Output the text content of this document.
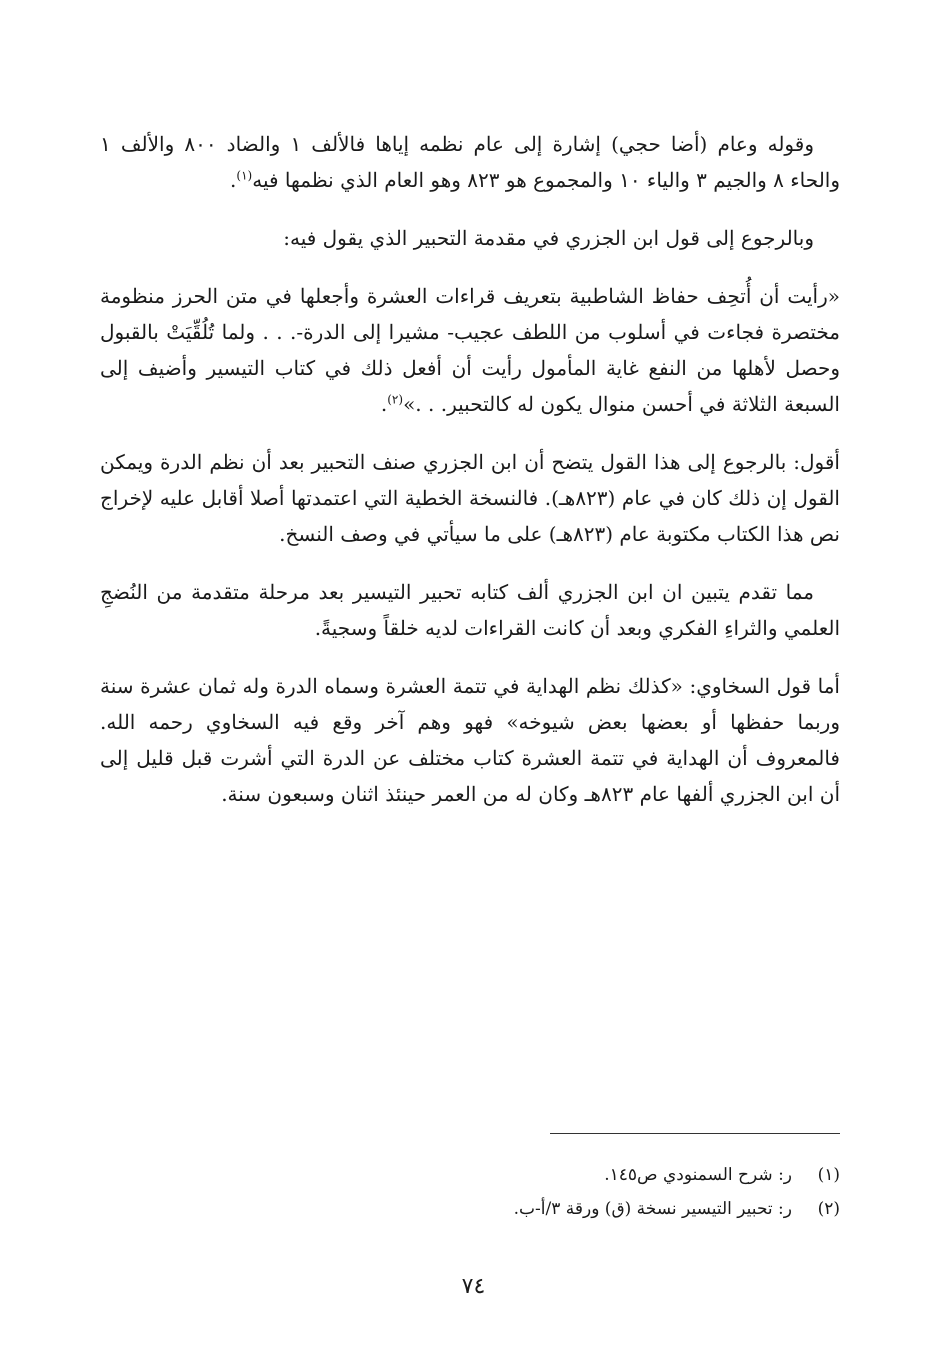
وقوله وعام (أضا حجي) إشارة إلى عام نظمه إياها فالألف ١ والضاد ٨٠٠ والألف ١ والحاء ٨ والجيم ٣ والياء ١٠ والمجموع هو ٨٢٣ وهو العام الذي نظمها فيه$^{(١)}$.

وبالرجوع إلى قول ابن الجزري في مقدمة التحبير الذي يقول فيه:

«رأيت أن أُتحِف حفاظ الشاطبية بتعريف قراءات العشرة وأجعلها في متن الحرز منظومة مختصرة فجاءت في أسلوب من اللطف عجيب- مشيرا إلى الدرة-. . . ولما تُلُقِّيَتْ بالقبول وحصل لأهلها من النفع غاية المأمول رأيت أن أفعل ذلك في كتاب التيسير وأضيف إلى السبعة الثلاثة في أحسن منوال يكون له كالتحبير. . .»$^{(٢)}$.

أقول: بالرجوع إلى هذا القول يتضح أن ابن الجزري صنف التحبير بعد أن نظم الدرة ويمكن القول إن ذلك كان في عام (٨٢٣هـ). فالنسخة الخطية التي اعتمدتها أصلا أقابل عليه لإخراج نص هذا الكتاب مكتوبة عام (٨٢٣هـ) على ما سيأتي في وصف النسخ.

مما تقدم يتبين ان ابن الجزري ألف كتابه تحبير التيسير بعد مرحلة متقدمة من النُضجِ العلمي والثراءِ الفكري وبعد أن كانت القراءات لديه خلقاً وسجيةً.

أما قول السخاوي: «كذلك نظم الهداية في تتمة العشرة وسماه الدرة وله ثمان عشرة سنة وربما حفظها أو بعضها بعض شيوخه» فهو وهم آخر وقع فيه السخاوي رحمه الله. فالمعروف أن الهداية في تتمة العشرة كتاب مختلف عن الدرة التي أشرت قبل قليل إلى أن ابن الجزري ألفها عام ٨٢٣هـ وكان له من العمر حينئذ اثنان وسبعون سنة.

(١)ر: شرح السمنودي ص١٤٥.

(٢)ر: تحبير التيسير نسخة (ق) ورقة ٣/أ-ب.

٧٤
